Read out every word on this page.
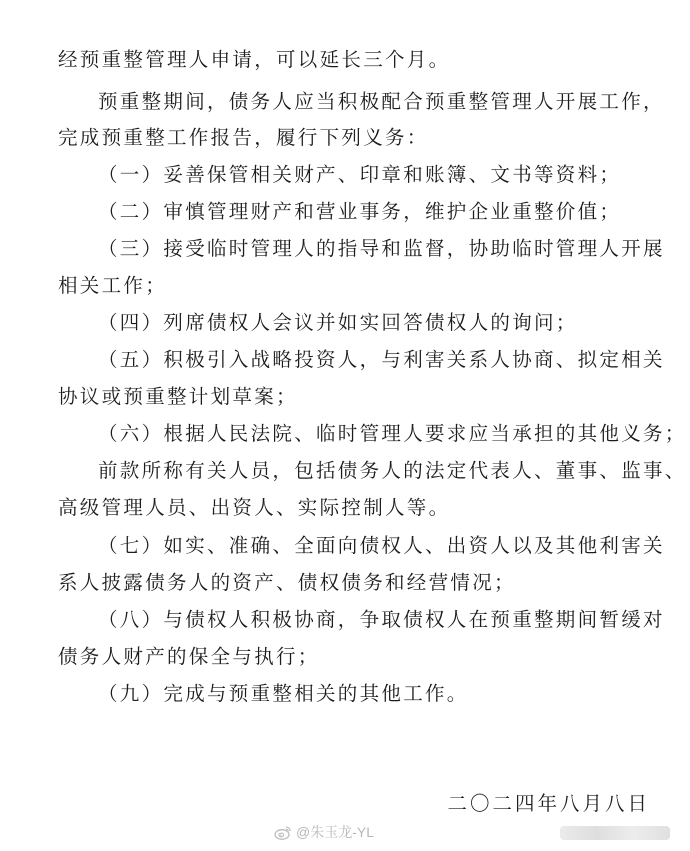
经预重整管理人申请，可以延长三个月。
预重整期间，债务人应当积极配合预重整管理人开展工作，
完成预重整工作报告，履行下列义务：
（一）妥善保管相关财产、印章和账簿、文书等资料；
（二）审慎管理财产和营业事务，维护企业重整价值；
（三）接受临时管理人的指导和监督，协助临时管理人开展
相关工作；
（四）列席债权人会议并如实回答债权人的询问；
（五）积极引入战略投资人，与利害关系人协商、拟定相关
协议或预重整计划草案；
（六）根据人民法院、临时管理人要求应当承担的其他义务；
前款所称有关人员，包括债务人的法定代表人、董事、监事、
高级管理人员、出资人、实际控制人等。
（七）如实、准确、全面向债权人、出资人以及其他利害关
系人披露债务人的资产、债权债务和经营情况；
（八）与债权人积极协商，争取债权人在预重整期间暂缓对
债务人财产的保全与执行；
（九）完成与预重整相关的其他工作。
二〇二四年八月八日
@朱玉龙-YL
